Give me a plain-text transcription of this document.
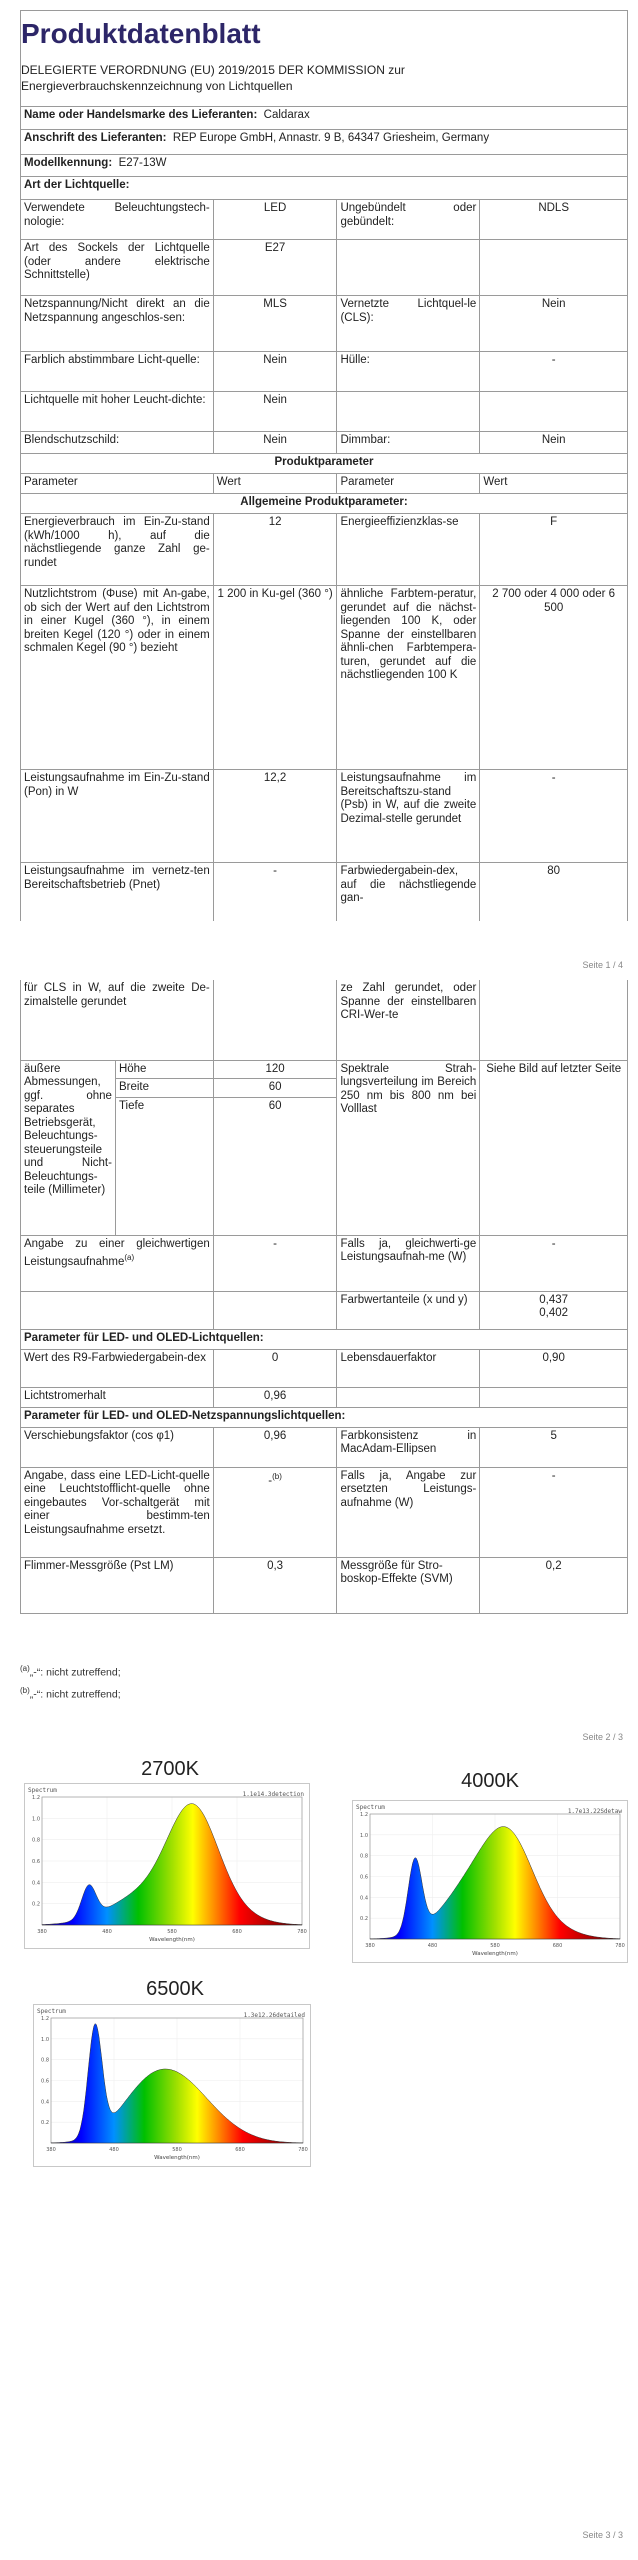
Produktdatenblatt
DELEGIERTE VERORDNUNG (EU) 2019/2015 DER KOMMISSION zur
Energieverbrauchskennzeichnung von Lichtquellen
Name oder Handelsmarke des Lieferanten: Caldarax			
Anschrift des Lieferanten: REP Europe GmbH, Annastr. 9 B, 64347 Griesheim, Germany			
Modellkennung: E27-13W			
Art der Lichtquelle:			
Verwendete Beleuchtungstech-nologie:	LED	Ungebündelt oder gebündelt:	NDLS
Art des Sockels der Lichtquelle (oder andere elektrische Schnittstelle)	E27		
Netzspannung/Nicht direkt an die Netzspannung angeschlos-sen:	MLS	Vernetzte Lichtquel-le (CLS):	Nein
Farblich abstimmbare Licht-quelle:	Nein	Hülle:	-
Lichtquelle mit hoher Leucht-dichte:	Nein		
Blendschutzschild:	Nein	Dimmbar:	Nein
Produktparameter			
Parameter	Wert	Parameter	Wert
Allgemeine Produktparameter:			
Energieverbrauch im Ein-Zu-stand (kWh/1000 h), auf die nächstliegende ganze Zahl ge-rundet	12	Energieeffizienzklas-se	F
Nutzlichtstrom (Φuse) mit An-gabe, ob sich der Wert auf den Lichtstrom in einer Kugel (360 °), in einem breiten Kegel (120 °) oder in einem schmalen Kegel (90 °) bezieht	1 200 in Ku-gel (360 °)	ähnliche Farbtem-peratur, gerundet auf die nächst-liegenden 100 K, oder Spanne der einstellbaren ähnli-chen Farbtempera-turen, gerundet auf die nächstliegenden 100 K	2 700 oder 4 000 oder 6 500
Leistungsaufnahme im Ein-Zu-stand (Pon) in W	12,2	Leistungsaufnahme im Bereitschaftszu-stand (Psb) in W, auf die zweite Dezimal-stelle gerundet	-
Leistungsaufnahme im vernetz-ten Bereitschaftsbetrieb (Pnet)	-	Farbwiedergabein-dex, auf die nächstliegende gan-	80
Seite 1 / 4
für CLS in W, auf die zweite De-zimalstelle gerundet			ze Zahl gerundet, oder Spanne der einstellbaren CRI-Wer-te	
äußere Abmessungen, ggf. ohne separates Betriebsgerät, Beleuchtungs-steuerungsteile und Nicht-Beleuchtungs-teile (Millimeter)	Höhe	120	Spektrale Strah-lungsverteilung im Bereich 250 nm bis 800 nm bei Volllast	Siehe Bild auf letzter Seite
	Breite	60		
	Tiefe	60		

Angabe zu einer gleichwertigen Leistungsaufnahme$^{(a)}$		-	Falls ja, gleichwerti-ge Leistungsaufnah-me (W)	-
			Farbwertanteile (x und y)	0,437
0,402

Parameter für LED- und OLED-Lichtquellen:				
Wert des R9-Farbwiedergabein-dex		0	Lebensdauerfaktor	0,90
Lichtstromerhalt		0,96		
Parameter für LED- und OLED-Netzspannungslichtquellen:				
Verschiebungsfaktor (cos φ1)		0,96	Farbkonsistenz in MacAdam-Ellipsen	5
Angabe, dass eine LED-Licht-quelle eine Leuchtstofflicht-quelle ohne eingebautes Vor-schaltgerät mit einer bestimm-ten Leistungsaufnahme ersetzt.		-$^{(b)}$	Falls ja, Angabe zur ersetzten Leistungs-aufnahme (W)	-
Flimmer-Messgröße (Pst LM)		0,3	Messgröße für Stro-boskop-Effekte (SVM)	0,2
$^{(a)}$„-“: nicht zutreffend;
$^{(b)}$„-“: nicht zutreffend;
Seite 2 / 3
2700K
4000K
6500K
Spectrum
1.1e14.3detection
1.2
1.0
0.8
0.6
0.4
0.2
380	480	580	680	780
Wavelength(nm)
Spectrum
1.7e13.22Sdetaw
1.2
1.0
0.8
0.6
0.4
0.2
380	480	580	680	780
Wavelength(nm)
Spectrum
1.3e12.26detailed
1.2
1.0
0.8
0.6
0.4
0.2
380	480	580	680	780
Wavelength(nm)
Seite 3 / 3
